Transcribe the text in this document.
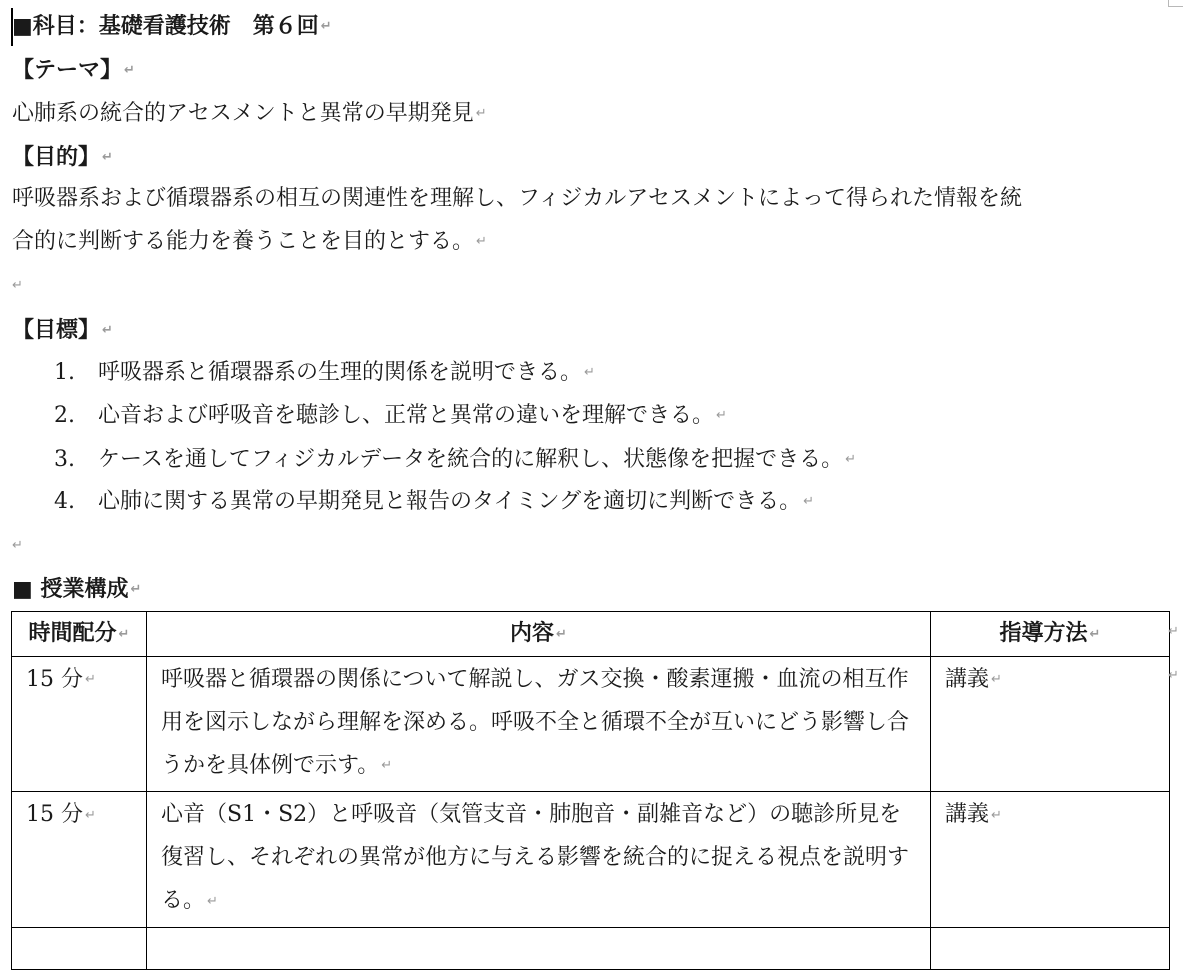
■科目：基礎看護技術　第６回 ↵
【テーマ】 ↵
心肺系の統合的アセスメントと異常の早期発見 ↵
【目的】 ↵
呼吸器系および循環器系の相互の関連性を理解し、フィジカルアセスメントによって得られた情報を統
合的に判断する能力を養うことを目的とする。 ↵
↵
【目標】 ↵
1. 呼吸器系と循環器系の生理的関係を説明できる。 ↵
2. 心音および呼吸音を聴診し、正常と異常の違いを理解できる。 ↵
3. ケースを通してフィジカルデータを統合的に解釈し、状態像を把握できる。 ↵
4. 心肺に関する異常の早期発見と報告のタイミングを適切に判断できる。 ↵
↵
■ 授業構成 ↵
時間配分 ↵	内容 ↵	指導方法 ↵
15 分 ↵	呼吸器と循環器の関係について解説し、ガス交換・酸素運搬・血流の相互作用を図示しながら理解を深める。呼吸不全と循環不全が互いにどう影響し合うかを具体例で示す。 ↵	講義 ↵
15 分 ↵	心音（S1・S2）と呼吸音（気管支音・肺胞音・副雑音など）の聴診所見を復習し、それぞれの異常が他方に与える影響を統合的に捉える視点を説明する。 ↵	講義 ↵

↵
↵
